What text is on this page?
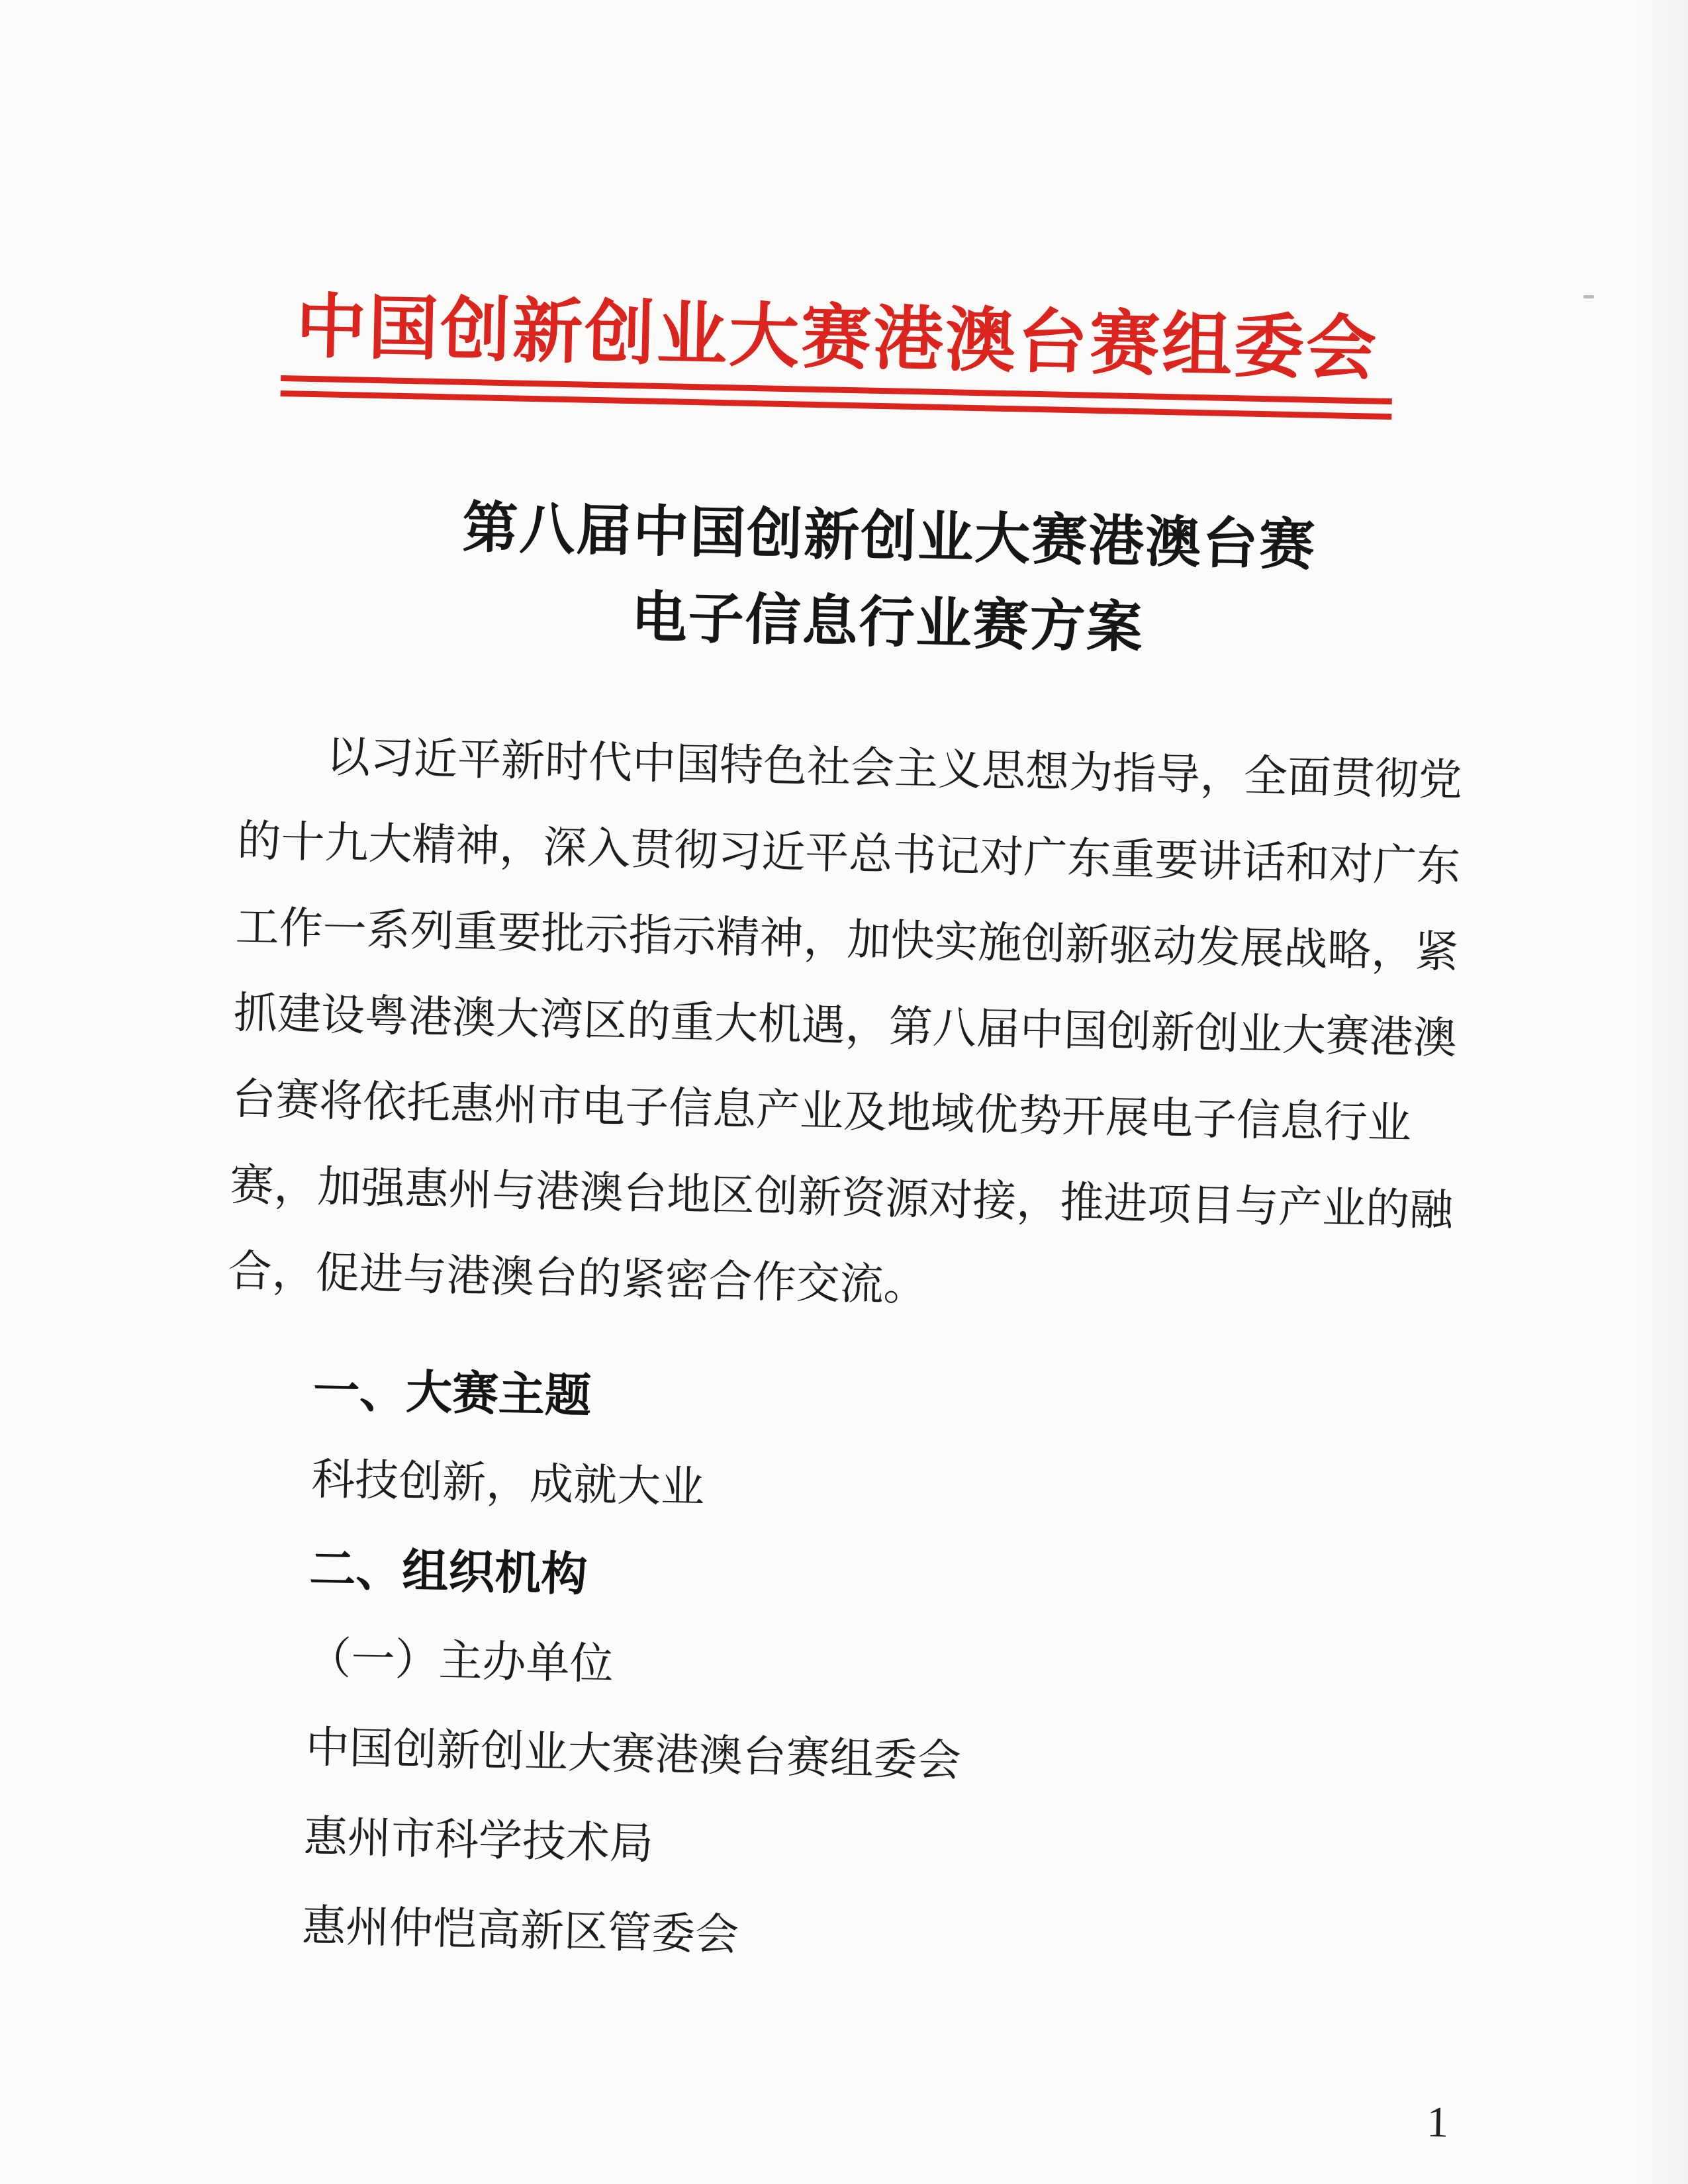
中国创新创业大赛港澳台赛组委会
第八届中国创新创业大赛港澳台赛
电子信息行业赛方案
以习近平新时代中国特色社会主义思想为指导，全面贯彻党
的十九大精神，深入贯彻习近平总书记对广东重要讲话和对广东
工作一系列重要批示指示精神，加快实施创新驱动发展战略，紧
抓建设粤港澳大湾区的重大机遇，第八届中国创新创业大赛港澳
台赛将依托惠州市电子信息产业及地域优势开展电子信息行业
赛，加强惠州与港澳台地区创新资源对接，推进项目与产业的融
合，促进与港澳台的紧密合作交流。
一、大赛主题
科技创新，成就大业
二、组织机构
（一）主办单位
中国创新创业大赛港澳台赛组委会
惠州市科学技术局
惠州仲恺高新区管委会
1
